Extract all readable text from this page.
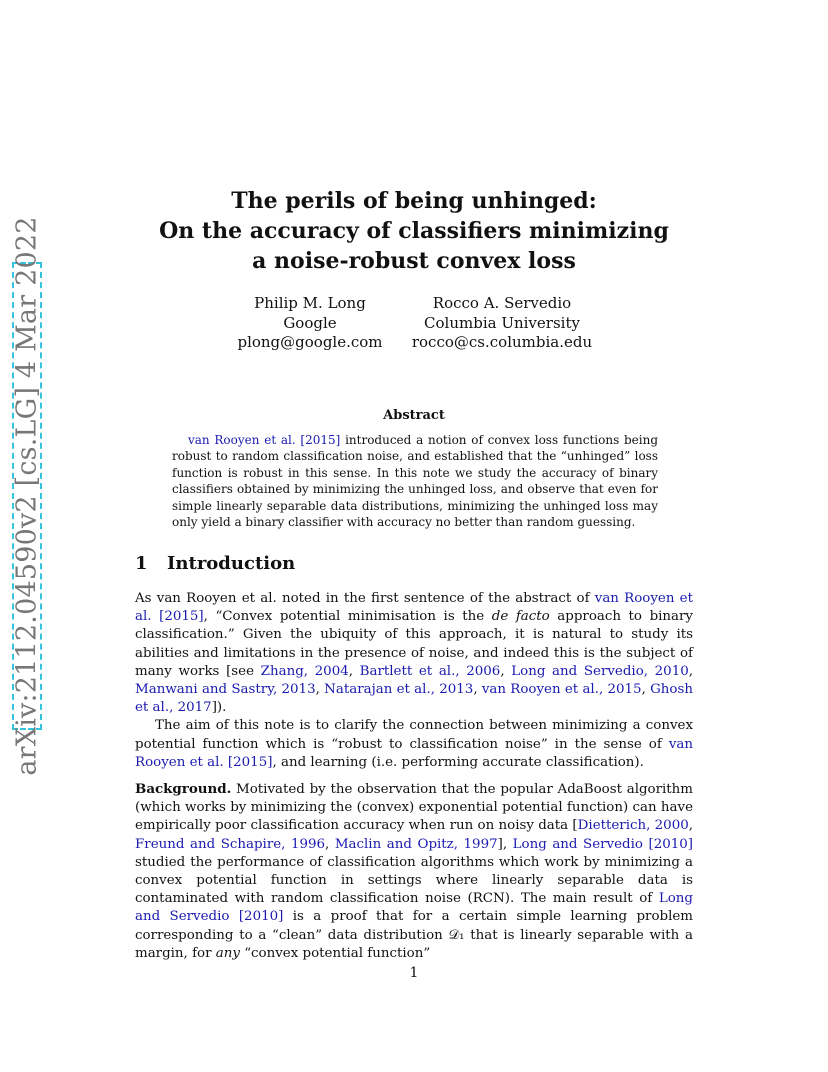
arXiv:2112.04590v2 [cs.LG] 4 Mar 2022
The perils of being unhinged:
On the accuracy of classifiers minimizing
a noise-robust convex loss
Philip M. Long
Google
plong@google.com
Rocco A. Servedio
Columbia University
rocco@cs.columbia.edu
Abstract

van Rooyen et al. [2015] introduced a notion of convex loss functions being robust to random classification noise, and established that the “unhinged” loss function is robust in this sense. In this note we study the accuracy of binary classifiers obtained by minimizing the unhinged loss, and observe that even for simple linearly separable data distributions, minimizing the unhinged loss may only yield a binary classifier with accuracy no better than random guessing.

1 Introduction

As van Rooyen et al. noted in the first sentence of the abstract of van Rooyen et al. [2015], “Convex potential minimisation is the de facto approach to binary classification.” Given the ubiquity of this approach, it is natural to study its abilities and limitations in the presence of noise, and indeed this is the subject of many works [see Zhang, 2004, Bartlett et al., 2006, Long and Servedio, 2010, Manwani and Sastry, 2013, Natarajan et al., 2013, van Rooyen et al., 2015, Ghosh et al., 2017]).

The aim of this note is to clarify the connection between minimizing a convex potential function which is “robust to classification noise” in the sense of van Rooyen et al. [2015], and learning (i.e. performing accurate classification).

Background. Motivated by the observation that the popular AdaBoost algorithm (which works by minimizing the (convex) exponential potential function) can have empirically poor classification accuracy when run on noisy data [Dietterich, 2000, Freund and Schapire, 1996, Maclin and Opitz, 1997], Long and Servedio [2010] studied the performance of classification algorithms which work by minimizing a convex potential function in settings where linearly separable data is contaminated with random classification noise (RCN). The main result of Long and Servedio [2010] is a proof that for a certain simple learning problem corresponding to a “clean” data distribution 𝒟₁ that is linearly separable with a margin, for any “convex potential function”

1
